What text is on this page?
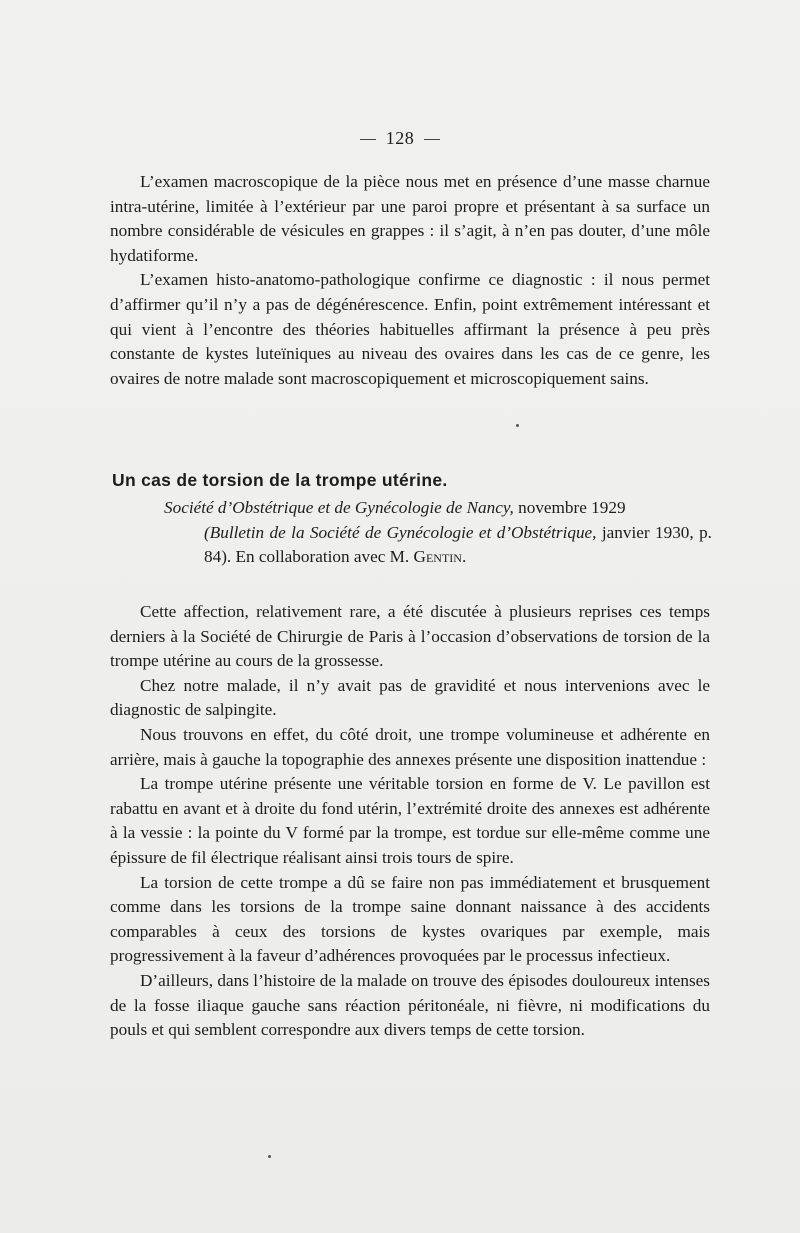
128

L’examen macroscopique de la pièce nous met en présence d’une masse charnue intra-utérine, limitée à l’extérieur par une paroi propre et présentant à sa surface un nombre considérable de vésicules en grappes : il s’agit, à n’en pas douter, d’une môle hydatiforme.

L’examen histo-anatomo-pathologique confirme ce diagnostic : il nous permet d’affirmer qu’il n’y a pas de dégénérescence. Enfin, point extrêmement intéressant et qui vient à l’encontre des théories habituelles affirmant la présence à peu près constante de kystes luteïniques au niveau des ovaires dans les cas de ce genre, les ovaires de notre malade sont macroscopiquement et microscopiquement sains.

Un cas de torsion de la trompe utérine.
Société d’Obstétrique et de Gynécologie de Nancy, novembre 1929
(Bulletin de la Société de Gynécologie et d’Obstétrique, janvier 1930, p. 84). En collaboration avec M. Gentin.

Cette affection, relativement rare, a été discutée à plusieurs reprises ces temps derniers à la Société de Chirurgie de Paris à l’occasion d’observations de torsion de la trompe utérine au cours de la grossesse.

Chez notre malade, il n’y avait pas de gravidité et nous intervenions avec le diagnostic de salpingite.

Nous trouvons en effet, du côté droit, une trompe volumineuse et adhérente en arrière, mais à gauche la topographie des annexes présente une disposition inattendue :

La trompe utérine présente une véritable torsion en forme de V. Le pavillon est rabattu en avant et à droite du fond utérin, l’extrémité droite des annexes est adhérente à la vessie : la pointe du V formé par la trompe, est tordue sur elle-même comme une épissure de fil électrique réalisant ainsi trois tours de spire.

La torsion de cette trompe a dû se faire non pas immédiatement et brusquement comme dans les torsions de la trompe saine donnant naissance à des accidents comparables à ceux des torsions de kystes ovariques par exemple, mais progressivement à la faveur d’adhérences provoquées par le processus infectieux.

D’ailleurs, dans l’histoire de la malade on trouve des épisodes douloureux intenses de la fosse iliaque gauche sans réaction péritonéale, ni fièvre, ni modifications du pouls et qui semblent correspondre aux divers temps de cette torsion.
